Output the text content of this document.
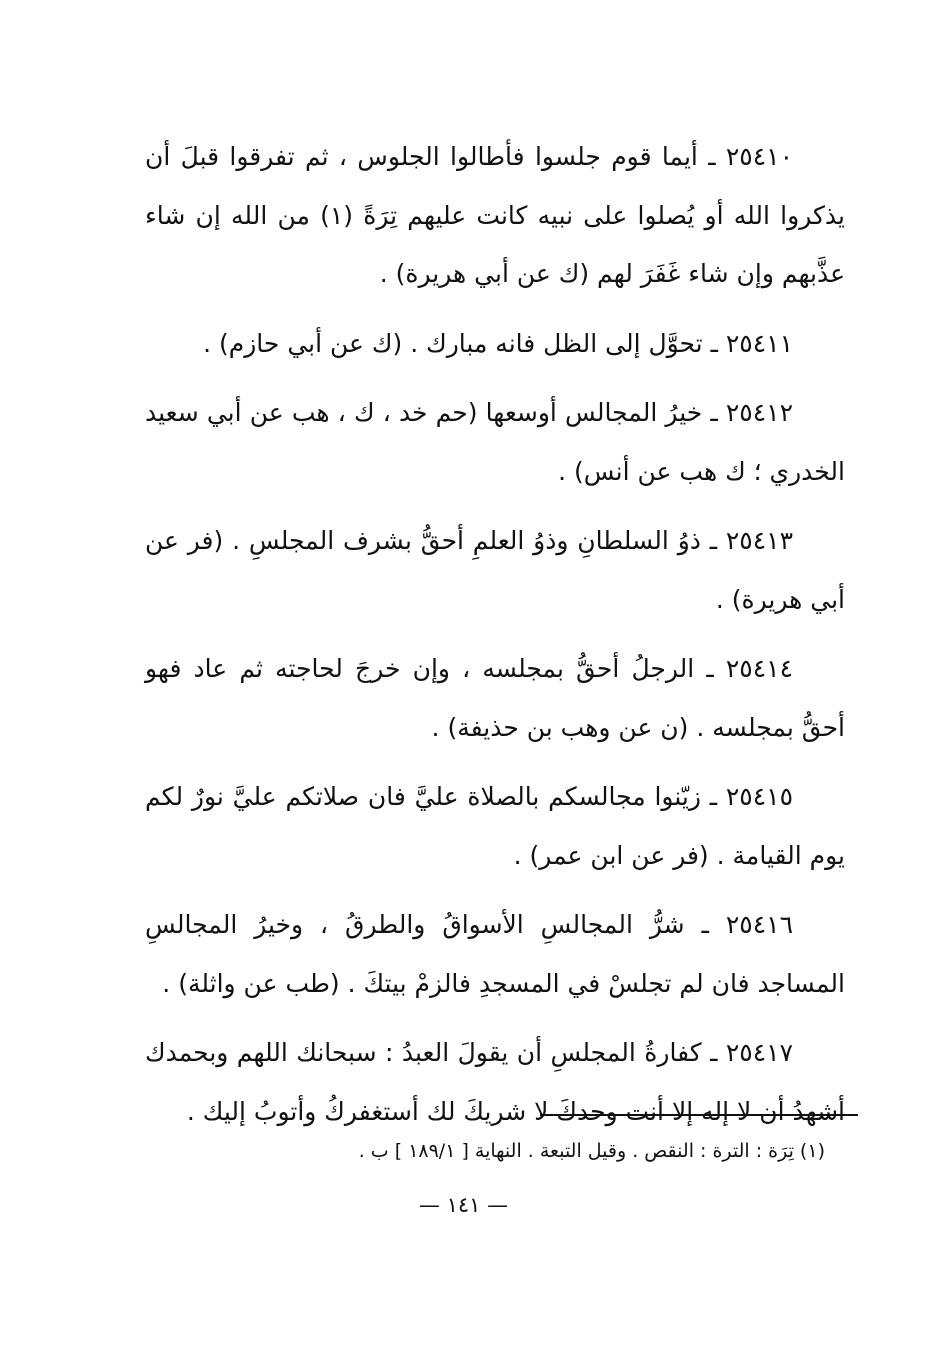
٢٥٤١٠ ـ أيما قوم جلسوا فأطالوا الجلوس ، ثم تفرقوا قبلَ أن يذكروا الله أو يُصلوا على نبيه كانت عليهم تِرَةً (١) من الله إن شاء عذَّبهم وإن شاء غَفَرَ لهم (ك عن أبي هريرة) .

٢٥٤١١ ـ تحوَّل إلى الظل فانه مبارك . (ك عن أبي حازم) .

٢٥٤١٢ ـ خيرُ المجالس أوسعها (حم خد ، ك ، هب عن أبي سعيد الخدري ؛ ك هب عن أنس) .

٢٥٤١٣ ـ ذوُ السلطانِ وذوُ العلمِ أحقُّ بشرف المجلسِ . (فر عن أبي هريرة) .

٢٥٤١٤ ـ الرجلُ أحقُّ بمجلسه ، وإن خرجَ لحاجته ثم عاد فهو أحقُّ بمجلسه . (ن عن وهب بن حذيفة) .

٢٥٤١٥ ـ زيّنوا مجالسكم بالصلاة عليَّ فان صلاتكم عليَّ نورٌ لكم يوم القيامة . (فر عن ابن عمر) .

٢٥٤١٦ ـ شرُّ المجالسِ الأسواقُ والطرقُ ، وخيرُ المجالسِ المساجد فان لم تجلسْ في المسجدِ فالزمْ بيتكَ . (طب عن واثلة) .

٢٥٤١٧ ـ كفارةُ المجلسِ أن يقولَ العبدُ : سبحانك اللهم وبحمدك أشهدُ أن لا إله إلا أنت وحدكَ لا شريكَ لك أستغفركُ وأتوبُ إليك .

(١) تِرَة : الترة : النقص . وقيل التبعة . النهاية [ ١٨٩/١ ] ب .
— ١٤١ —
